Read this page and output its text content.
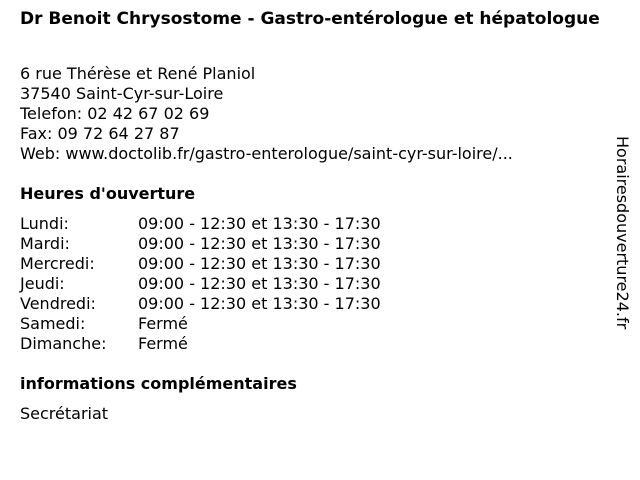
Dr Benoit Chrysostome - Gastro-entérologue et hépatologue
6 rue Thérèse et René Planiol
37540 Saint-Cyr-sur-Loire
Telefon: 02 42 67 02 69
Fax: 09 72 64 27 87
Web: www.doctolib.fr/gastro-enterologue/saint-cyr-sur-loire/...
Heures d'ouverture
Lundi:	09:00 - 12:30 et 13:30 - 17:30
Mardi:	09:00 - 12:30 et 13:30 - 17:30
Mercredi:	09:00 - 12:30 et 13:30 - 17:30
Jeudi:	09:00 - 12:30 et 13:30 - 17:30
Vendredi:	09:00 - 12:30 et 13:30 - 17:30
Samedi:	Fermé
Dimanche: Fermé
informations complémentaires
Secrétariat
Horairesdouverture24.fr
